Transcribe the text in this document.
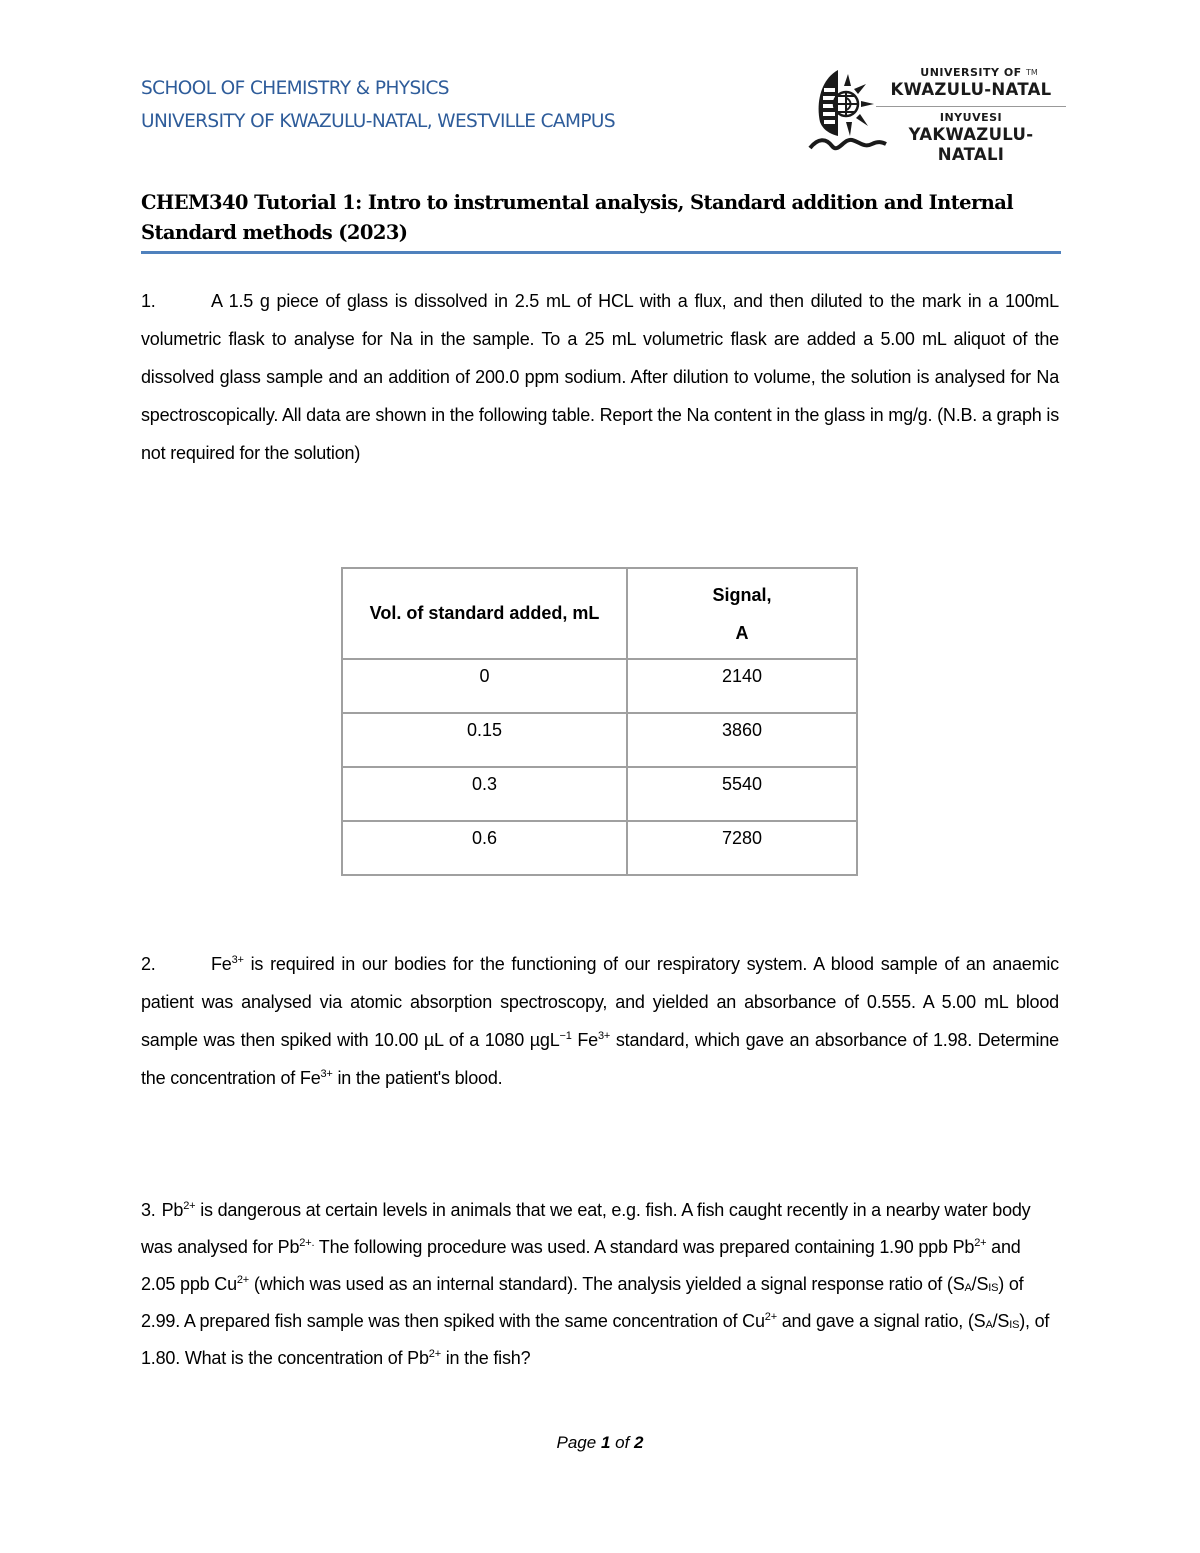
SCHOOL OF CHEMISTRY & PHYSICS
UNIVERSITY OF KWAZULU-NATAL, WESTVILLE CAMPUS
UNIVERSITY OF
KWAZULU-NATAL
INYUVESI
YAKWAZULU-NATALI
TM
CHEM340 Tutorial 1: Intro to instrumental analysis, Standard addition and Internal Standard methods (2023)
1.	A 1.5 g piece of glass is dissolved in 2.5 mL of HCL with a flux, and then diluted to the mark in a 100mL volumetric flask to analyse for Na in the sample. To a 25 mL volumetric flask are added a 5.00 mL aliquot of the dissolved glass sample and an addition of 200.0 ppm sodium. After dilution to volume, the solution is analysed for Na spectroscopically. All data are shown in the following table. Report the Na content in the glass in mg/g. (N.B. a graph is not required for the solution)
Vol. of standard added, mL	Signal,
A

0	2140
0.15	3860
0.3	5540
0.6	7280
2.	$Fe^{3+}$ is required in our bodies for the functioning of our respiratory system. A blood sample of an anaemic patient was analysed via atomic absorption spectroscopy, and yielded an absorbance of 0.555. A 5.00 mL blood sample was then spiked with 10.00 µL of a 1080 µgL$^{-1}$ $Fe^{3+}$ standard, which gave an absorbance of 1.98. Determine the concentration of $Fe^{3+}$ in the patient's blood.
3. $Pb^{2+}$ is dangerous at certain levels in animals that we eat, e.g. fish. A fish caught recently in a nearby water body was analysed for $Pb^{2+.}$ The following procedure was used. A standard was prepared containing 1.90 ppb $Pb^{2+}$ and 2.05 ppb $Cu^{2+}$ (which was used as an internal standard). The analysis yielded a signal response ratio of $(S_A/S_{IS})$ of 2.99. A prepared fish sample was then spiked with the same concentration of $Cu^{2+}$ and gave a signal ratio, $(S_A/S_{IS})$, of 1.80. What is the concentration of $Pb^{2+}$ in the fish?
Page 1 of 2
